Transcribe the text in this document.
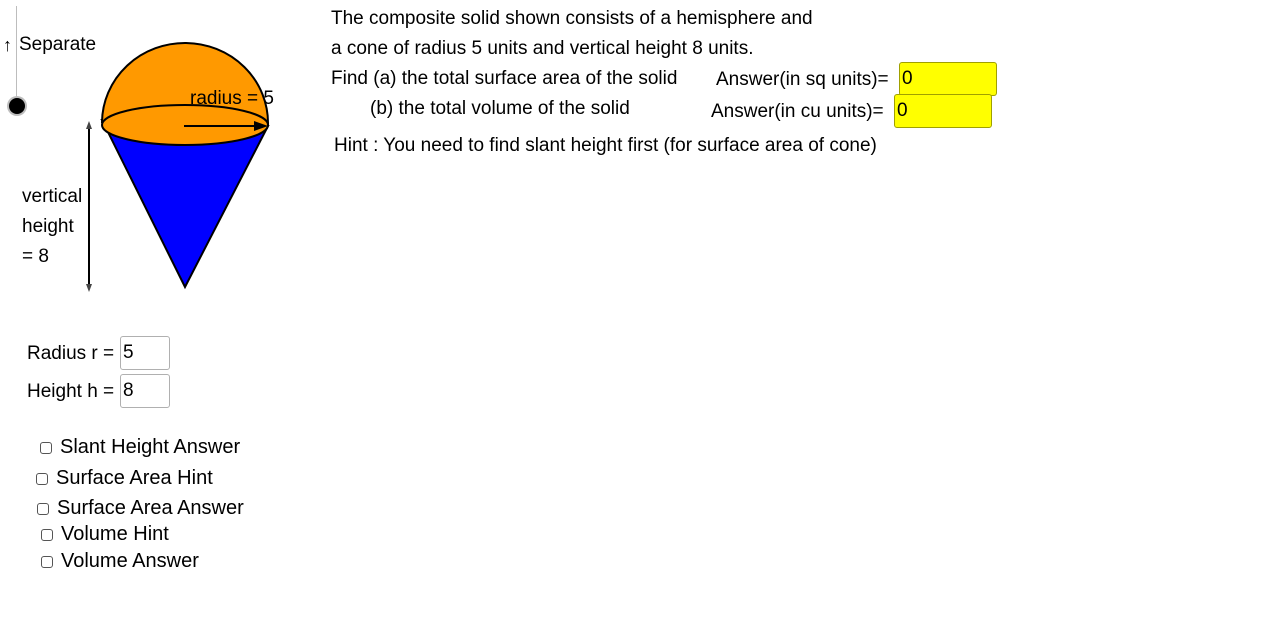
↑ Separate
radius = 5
vertical
height
= 8
The composite solid shown consists of a hemisphere and
a cone of radius 5 units and vertical height 8 units.
Find (a) the total surface area of the solid
(b) the total volume of the solid
Hint : You need to find slant height first (for surface area of cone)
Answer(in sq units)=
0
Answer(in cu units)=
0
Radius r =
5
Height h =
8
Slant Height Answer
Surface Area Hint
Surface Area Answer
Volume Hint
Volume Answer
